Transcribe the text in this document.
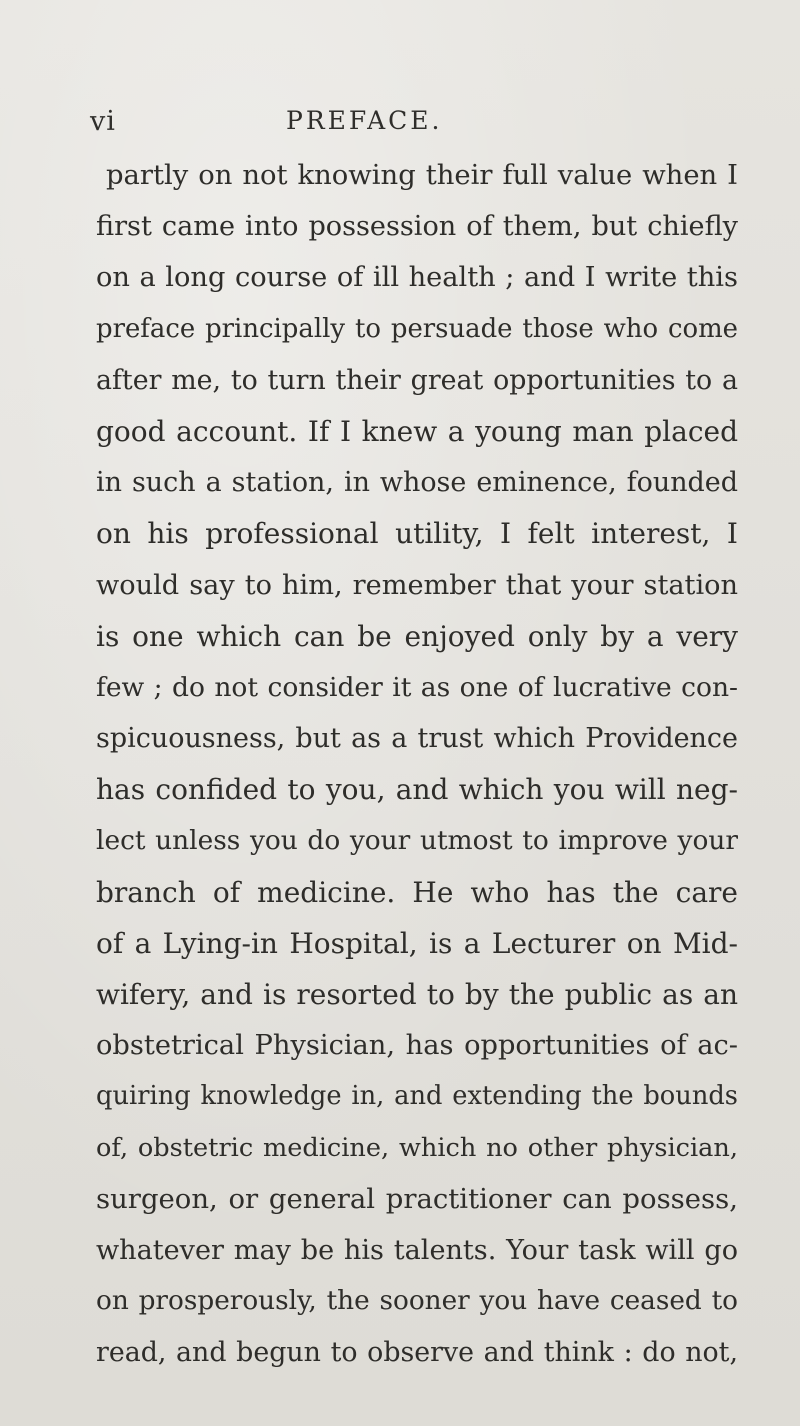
vi	PREFACE.
partly on not knowing their full value when I
first came into possession of them, but chiefly
on a long course of ill health ; and I write this
preface principally to persuade those who come
after me, to turn their great opportunities to a
good account. If I knew a young man placed
in such a station, in whose eminence, founded
on his professional utility, I felt interest, I
would say to him, remember that your station
is one which can be enjoyed only by a very
few ; do not consider it as one of lucrative con-
spicuousness, but as a trust which Providence
has confided to you, and which you will neg-
lect unless you do your utmost to improve your
branch of medicine. He who has the care
of a Lying-in Hospital, is a Lecturer on Mid-
wifery, and is resorted to by the public as an
obstetrical Physician, has opportunities of ac-
quiring knowledge in, and extending the bounds
of, obstetric medicine, which no other physician,
surgeon, or general practitioner can possess,
whatever may be his talents. Your task will go
on prosperously, the sooner you have ceased to
read, and begun to observe and think : do not,
